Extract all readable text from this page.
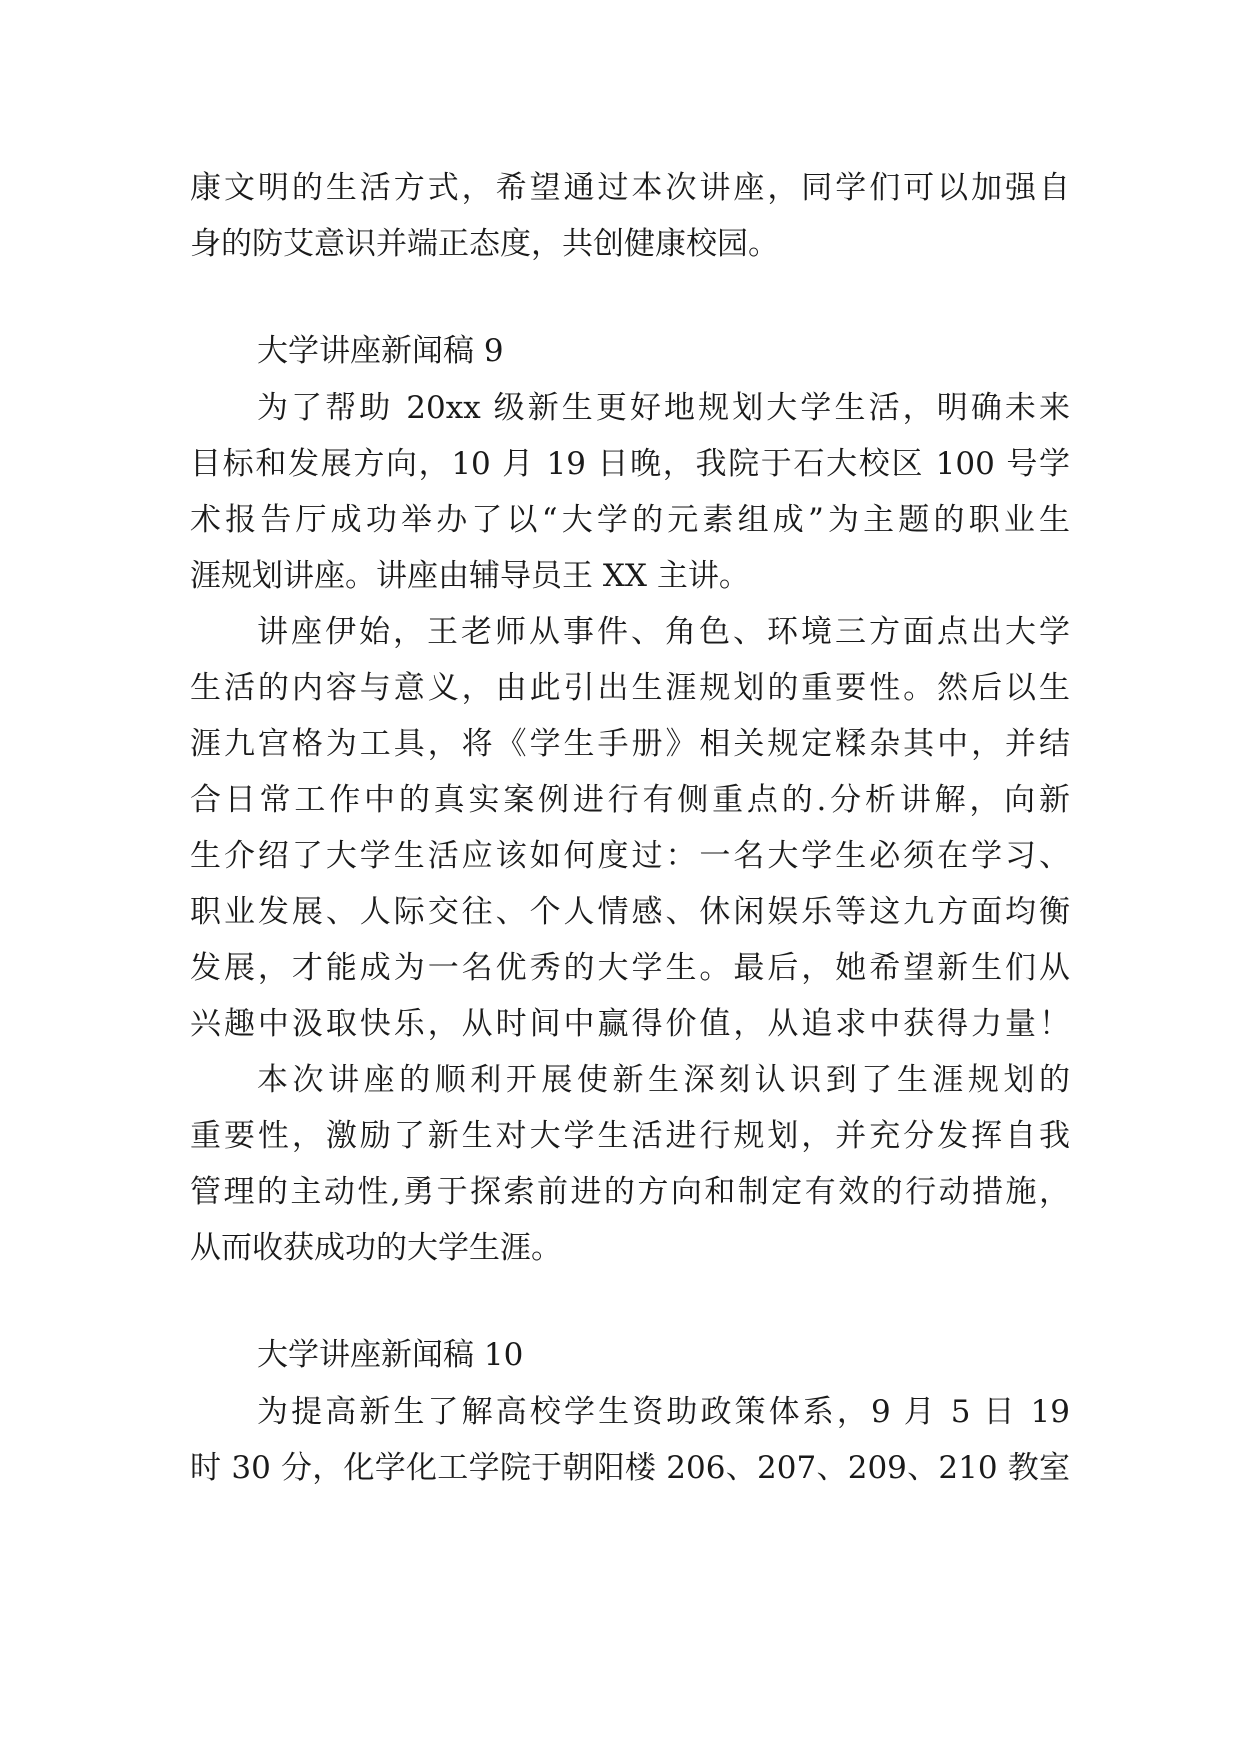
康文明的生活方式，希望通过本次讲座，同学们可以加强自
身的防艾意识并端正态度，共创健康校园。
大学讲座新闻稿 9
为了帮助 20xx 级新生更好地规划大学生活，明确未来
目标和发展方向，10 月 19 日晚，我院于石大校区 100 号学
术报告厅成功举办了以“大学的元素组成”为主题的职业生
涯规划讲座。讲座由辅导员王 XX 主讲。
讲座伊始，王老师从事件、角色、环境三方面点出大学
生活的内容与意义，由此引出生涯规划的重要性。然后以生
涯九宫格为工具，将《学生手册》相关规定糅杂其中，并结
合日常工作中的真实案例进行有侧重点的.分析讲解，向新
生介绍了大学生活应该如何度过：一名大学生必须在学习、
职业发展、人际交往、个人情感、休闲娱乐等这九方面均衡
发展，才能成为一名优秀的大学生。最后，她希望新生们从
兴趣中汲取快乐，从时间中赢得价值，从追求中获得力量！
本次讲座的顺利开展使新生深刻认识到了生涯规划的
重要性，激励了新生对大学生活进行规划，并充分发挥自我
管理的主动性,勇于探索前进的方向和制定有效的行动措施，
从而收获成功的大学生涯。
大学讲座新闻稿 10
为提高新生了解高校学生资助政策体系，9 月 5 日 19
时 30 分，化学化工学院于朝阳楼 206、207、209、210 教室
